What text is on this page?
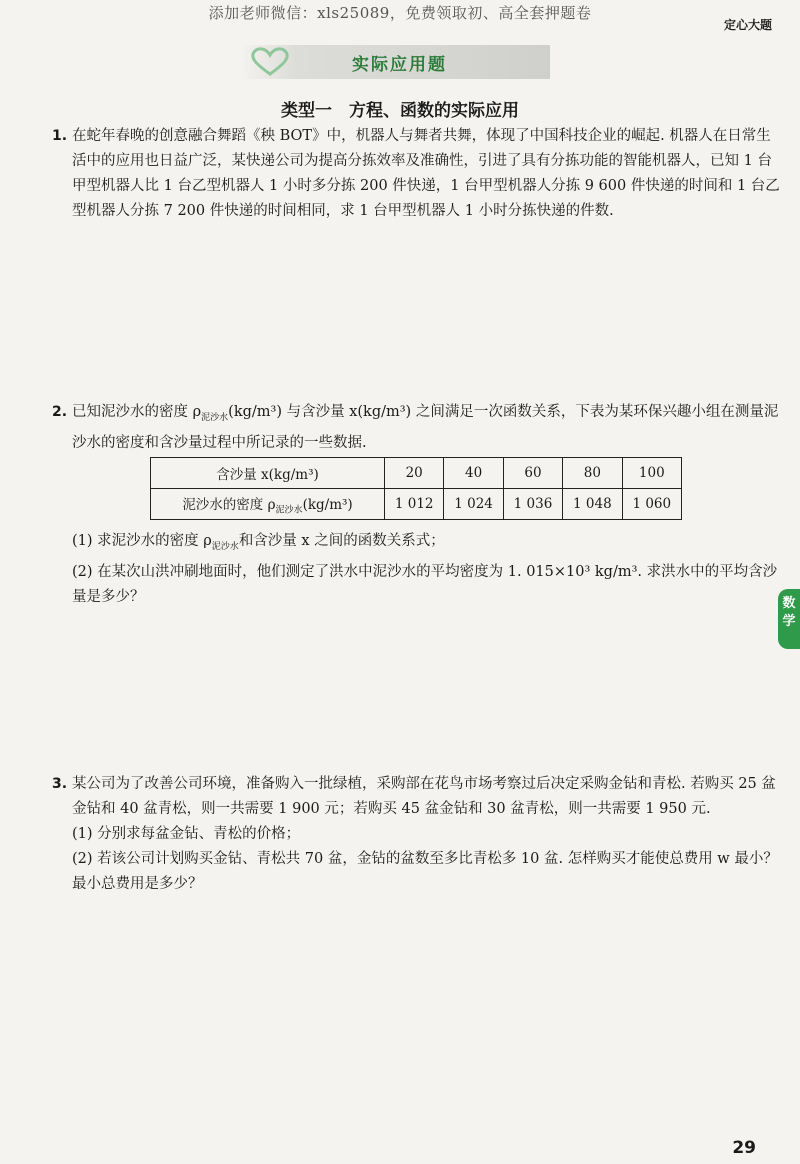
添加老师微信：xls25089，免费领取初、高全套押题卷
定心大题
实际应用题
类型一　方程、函数的实际应用
1. 在蛇年春晚的创意融合舞蹈《秧 BOT》中，机器人与舞者共舞，体现了中国科技企业的崛起. 机器人在日常生活中的应用也日益广泛，某快递公司为提高分拣效率及准确性，引进了具有分拣功能的智能机器人，已知 1 台甲型机器人比 1 台乙型机器人 1 小时多分拣 200 件快递，1 台甲型机器人分拣 9 600 件快递的时间和 1 台乙型机器人分拣 7 200 件快递的时间相同，求 1 台甲型机器人 1 小时分拣快递的件数.

2. 已知泥沙水的密度 $\rho_{泥沙水}(kg/m^3)$ 与含沙量 x(kg/m³) 之间满足一次函数关系，下表为某环保兴趣小组在测量泥沙水的密度和含沙量过程中所记录的一些数据.

含沙量 x(kg/m³)	20	40	60	80	100
泥沙水的密度 $\rho_{泥沙水}(kg/m^3)$	1 012	1 024	1 036	1 048	1 060

(1) 求泥沙水的密度 $\rho_{泥沙水}$和含沙量 x 之间的函数关系式；

(2) 在某次山洪冲刷地面时，他们测定了洪水中泥沙水的平均密度为 1. 015×10³ kg/m³. 求洪水中的平均含沙量是多少？

3. 某公司为了改善公司环境，准备购入一批绿植，采购部在花鸟市场考察过后决定采购金钻和青松. 若购买 25 盆金钻和 40 盆青松，则一共需要 1 900 元；若购买 45 盆金钻和 30 盆青松，则一共需要 1 950 元.

(1) 分别求每盆金钻、青松的价格；

(2) 若该公司计划购买金钻、青松共 70 盆，金钻的盆数至多比青松多 10 盆. 怎样购买才能使总费用 w 最小？最小总费用是多少？

数学
29
